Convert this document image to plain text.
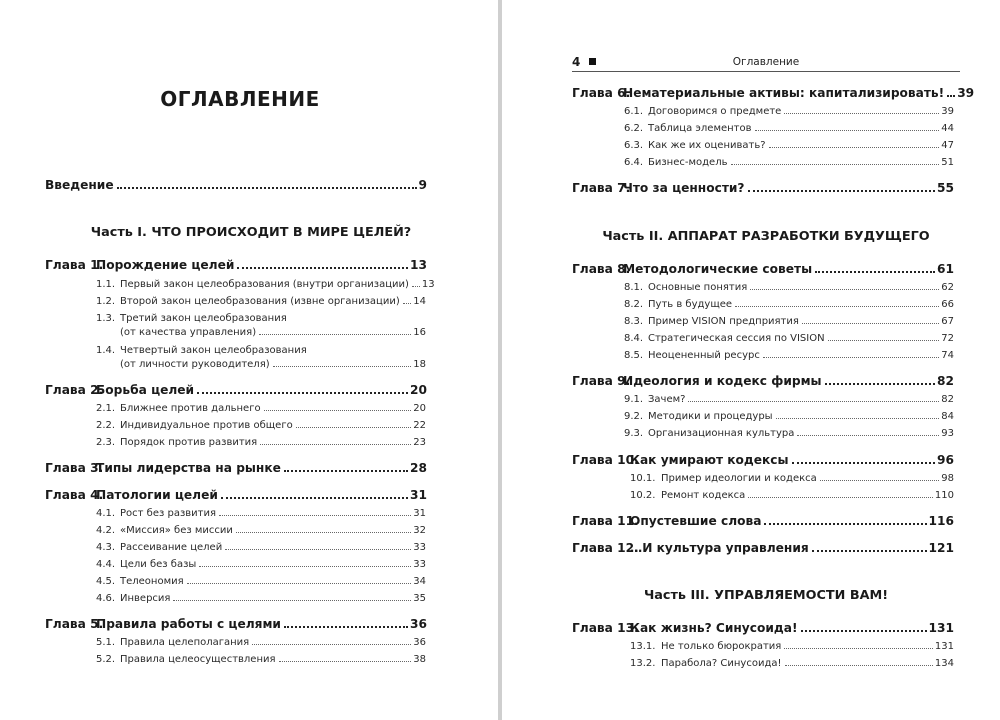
ОГЛАВЛЕНИЕ
Введение	9
Часть I. ЧТО ПРОИСХОДИТ В МИРЕ ЦЕЛЕЙ?
Глава 1.Порождение целей	13
1.1. Первый закон целеобразования (внутри организации) 13
1.2. Второй закон целеобразования (извне организации) 14
1.3. Третий закон целеобразования
(от качества управления)	16
1.4. Четвертый закон целеобразования
(от личности руководителя)	18
Глава 2.Борьба целей	20
2.1. Ближнее против дальнего	20
2.2. Индивидуальное против общего	22
2.3. Порядок против развития	23
Глава 3.Типы лидерства на рынке	28
Глава 4.Патологии целей	31
4.1. Рост без развития	31
4.2. «Миссия» без миссии	32
4.3. Рассеивание целей	33
4.4. Цели без базы	33
4.5. Телеономия	34
4.6. Инверсия	35
Глава 5.Правила работы с целями	36
5.1. Правила целеполагания	36
5.2. Правила целеосуществления	38
4	Оглавление
Глава 6.Нематериальные активы: капитализировать! 39
6.1. Договоримся о предмете	39
6.2. Таблица элементов	44
6.3. Как же их оценивать?	47
6.4. Бизнес-модель	51
Глава 7.Что за ценности?	55
Часть II. АППАРАТ РАЗРАБОТКИ БУДУЩЕГО
Глава 8.Методологические советы	61
8.1. Основные понятия	62
8.2. Путь в будущее	66
8.3. Пример VISION предприятия	67
8.4. Стратегическая сессия по VISION	72
8.5. Неоцененный ресурс	74
Глава 9.Идеология и кодекс фирмы	82
9.1. Зачем?	82
9.2. Методики и процедуры	84
9.3. Организационная культура	93
Глава 10.Как умирают кодексы	96
10.1. Пример идеологии и кодекса	98
10.2. Ремонт кодекса	110
Глава 11.Опустевшие слова	116
Глава 12.…И культура управления	121
Часть III. УПРАВЛЯЕМОСТИ ВАМ!
Глава 13.Как жизнь? Синусоида!	131
13.1. Не только бюрократия	131
13.2. Парабола? Синусоида!	134
